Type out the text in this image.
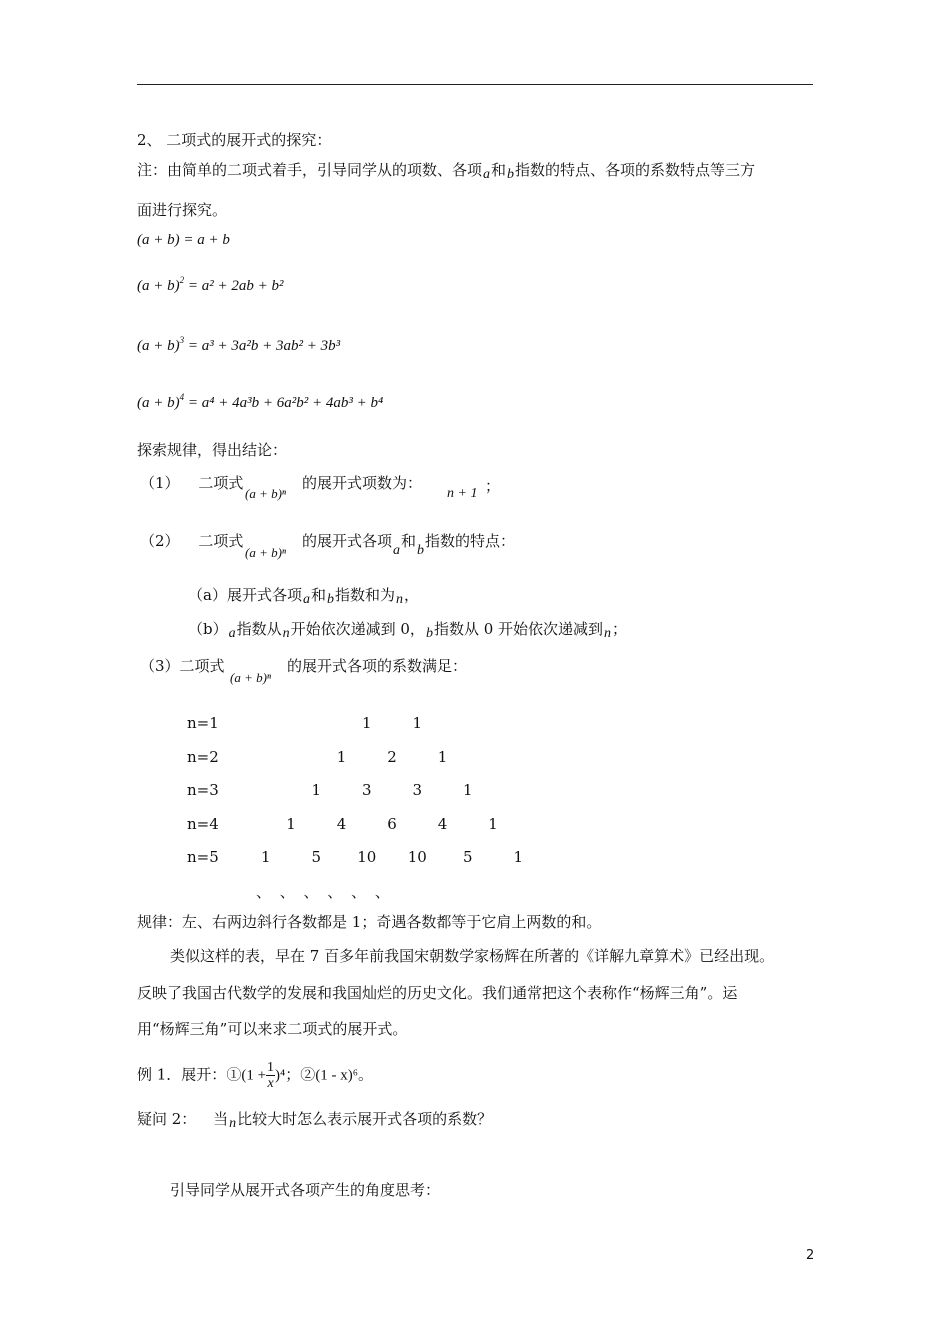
2、 二项式的展开式的探究：
注：由简单的二项式着手，引导同学从的项数、各项a和b指数的特点、各项的系数特点等三方
面进行探究。
(a + b) = a + b
$(a + b)^2 = a^2 + 2ab + b^2$
$(a + b)^3 = a^3 + 3a^2b + 3ab^2 + 3b^3$
$(a + b)^4 = a^4 + 4a^3b + 6a^2b^2 + 4ab^3 + b^4$
探索规律，得出结论：
（1） 二项式
(a + b)ⁿ
的展开式项数为：
n + 1 ；
（2） 二项式
(a + b)ⁿ
的展开式各项a和b指数的特点：
（a）展开式各项a和b指数和为n，
（b）a指数从n开始依次递减到 0，b指数从 0 开始依次递减到n；
（3）二项式
(a + b)ⁿ
的展开式各项的系数满足：
n=1	1	1
n=2	1	2	1
n=3	1	3	3	1
n=4	1	4	6	4	1
n=5	1	5	10 10	5	1
、 、 、 、 、 、
规律：左、右两边斜行各数都是 1；奇遇各数都等于它肩上两数的和。
类似这样的表，早在 7 百多年前我国宋朝数学家杨辉在所著的《详解九章算术》已经出现。
反映了我国古代数学的发展和我国灿烂的历史文化。我们通常把这个表称作“杨辉三角”。运
用“杨辉三角”可以来求二项式的展开式。
例 1．展开：①(1 + $\frac{1}{x} )^4$；②(1 - x)⁶。
疑问 2： 当n比较大时怎么表示展开式各项的系数？
引导同学从展开式各项产生的角度思考：
2
